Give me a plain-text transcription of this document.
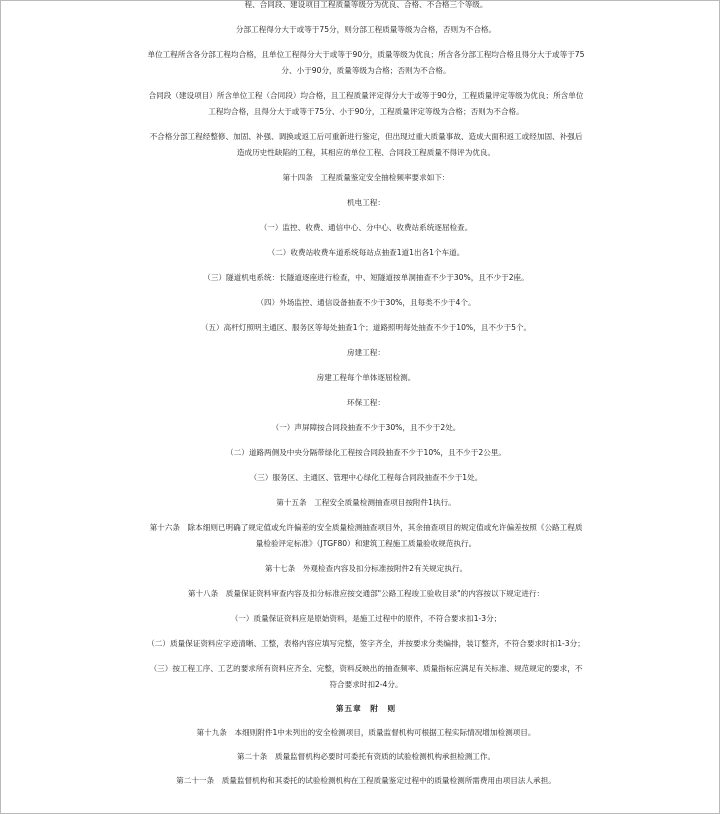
程、合同段、建设项目工程质量等级分为优良、合格、不合格三个等级。

分部工程得分大于或等于75分，则分部工程质量等级为合格，否则为不合格。

单位工程所含各分部工程均合格，且单位工程得分大于或等于90分，质量等级为优良；所含各分部工程均合格且得分大于或等于75

分、小于90分，质量等级为合格；否则为不合格。

合同段（建设项目）所含单位工程（合同段）均合格，且工程质量评定得分大于或等于90分，工程质量评定等级为优良；所含单位

工程均合格，且得分大于或等于75分、小于90分，工程质量评定等级为合格；否则为不合格。

不合格分部工程经整修、加固、补强、调换或返工后可重新进行鉴定，但出现过重大质量事故、造成大面积返工或经加固、补强后

造成历史性缺陷的工程，其相应的单位工程、合同段工程质量不得评为优良。

第十四条　工程质量鉴定安全抽检频率要求如下：

机电工程：

（一）监控、收费、通信中心、分中心、收费站系统逐屈检查。

（二）收费站收费车道系统每站点抽查1道1出各1个车道。

（三）隧道机电系统：长隧道逐座进行检查，中、短隧道按单洞抽查不少于30%，且不少于2座。

（四）外场监控、通信设备抽查不少于30%，且每类不少于4个。

（五）高杆灯照明主通区、服务区等每处抽查1个；道路照明每处抽查不少于10%，且不少于5个。

房建工程：

房建工程每个单体逐屈检测。

环保工程：

（一）声屏障按合同段抽查不少于30%，且不少于2处。

（二）道路两侧及中央分隔带绿化工程按合同段抽查不少于10%，且不少于2公里。

（三）服务区、主通区、管理中心绿化工程每合同段抽查不少于1处。

第十五条　工程安全质量检测抽查项目按附件1执行。

第十六条　除本细则已明确了规定值或允许偏差的安全质量检测抽查项目外，其余抽查项目的规定值或允许偏差按照《公路工程质

量检验评定标准》（JTGF80）和建筑工程施工质量验收规范执行。

第十七条　外观检查内容及扣分标准按附件2有关规定执行。

第十八条　质量保证资料审查内容及扣分标准应按交通部"公路工程竣工验收目录"的内容按以下规定进行：

（一）质量保证资料应是原始资料，是施工过程中的原件，不符合要求扣1-3分；

（二）质量保证资料应字迹清晰、工整，表格内容应填写完整，签字齐全，并按要求分类编排，装订整齐，不符合要求时扣1-3分；

（三）按工程工序、工艺的要求所有资料应齐全、完整，资料反映出的抽查频率、质量指标应满足有关标准、规范规定的要求，不

符合要求时扣2-4分。

第五章　附　则

第十九条　本细则附件1中未列出的安全检测项目，质量监督机构可根据工程实际情况增加检测项目。

第二十条　质量监督机构必要时可委托有资质的试验检测机构承担检测工作。

第二十一条　质量监督机构和其委托的试验检测机构在工程质量鉴定过程中的质量检测所需费用由项目法人承担。
